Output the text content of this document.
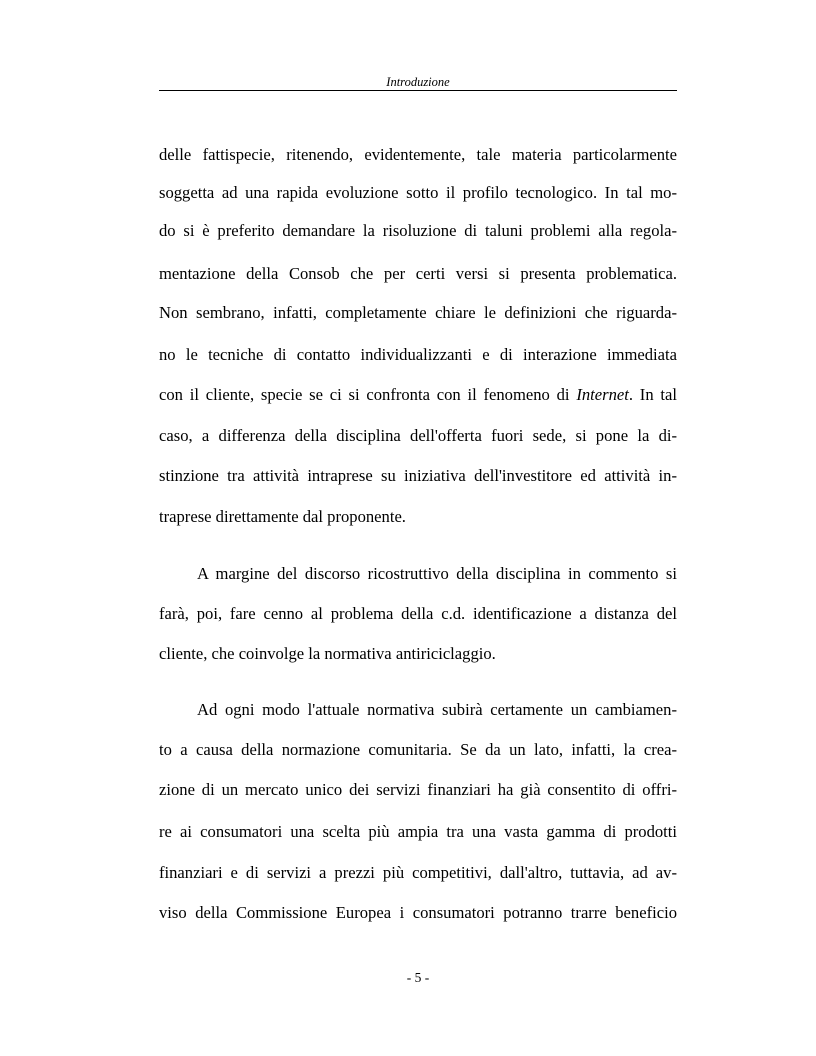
Introduzione
delle fattispecie, ritenendo, evidentemente, tale materia particolarmente
soggetta ad una rapida evoluzione sotto il profilo tecnologico. In tal mo-
do si è preferito demandare la risoluzione di taluni problemi alla regola-
mentazione della Consob che per certi versi si presenta problematica.
Non sembrano, infatti, completamente chiare le definizioni che riguarda-
no le tecniche di contatto individualizzanti e di interazione immediata
con il cliente, specie se ci si confronta con il fenomeno di Internet. In tal
caso, a differenza della disciplina dell'offerta fuori sede, si pone la di-
stinzione tra attività intraprese su iniziativa dell'investitore ed attività in-
traprese direttamente dal proponente.
A margine del discorso ricostruttivo della disciplina in commento si
farà, poi, fare cenno al problema della c.d. identificazione a distanza del
cliente, che coinvolge la normativa antiriciclaggio.
Ad ogni modo l'attuale normativa subirà certamente un cambiamen-
to a causa della normazione comunitaria. Se da un lato, infatti, la crea-
zione di un mercato unico dei servizi finanziari ha già consentito di offri-
re ai consumatori una scelta più ampia tra una vasta gamma di prodotti
finanziari e di servizi a prezzi più competitivi, dall'altro, tuttavia, ad av-
viso della Commissione Europea i consumatori potranno trarre beneficio
- 5 -
